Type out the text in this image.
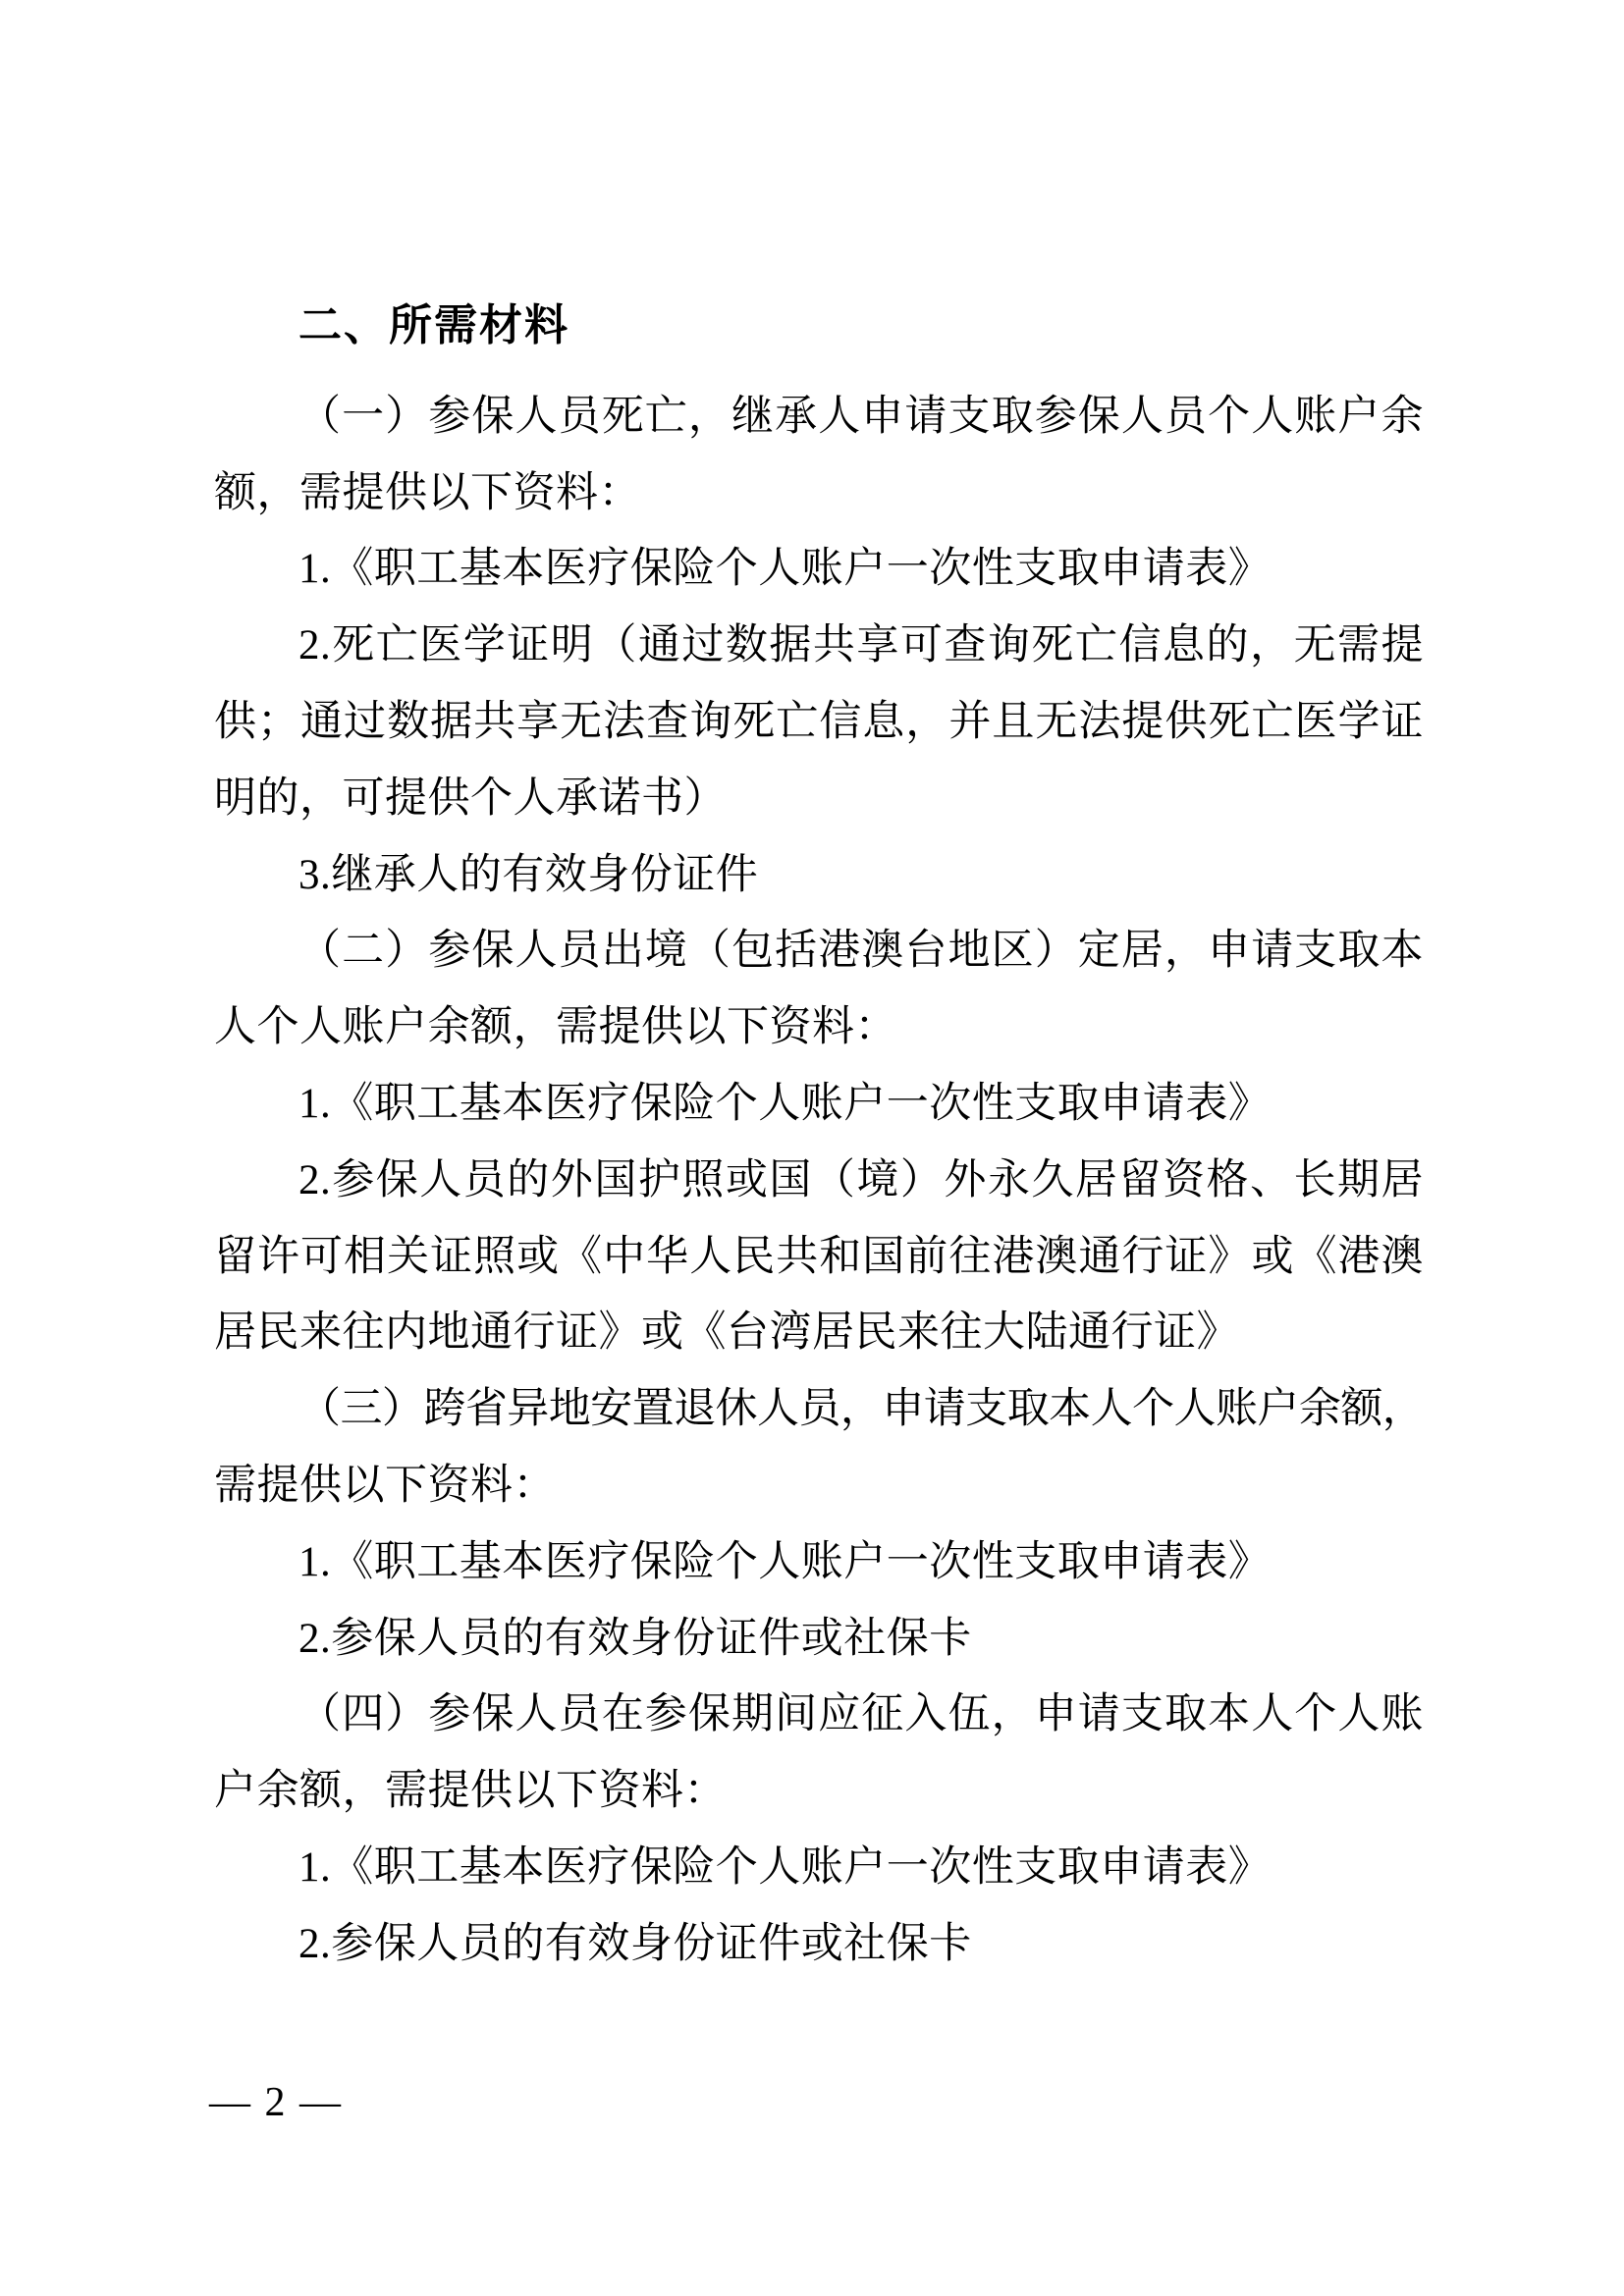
二、所需材料
（一）参保人员死亡，继承人申请支取参保人员个人账户余
额，需提供以下资料：
1.《职工基本医疗保险个人账户一次性支取申请表》
2.死亡医学证明（通过数据共享可查询死亡信息的，无需提
供；通过数据共享无法查询死亡信息，并且无法提供死亡医学证
明的，可提供个人承诺书）
3.继承人的有效身份证件
（二）参保人员出境（包括港澳台地区）定居，申请支取本
人个人账户余额，需提供以下资料：
1.《职工基本医疗保险个人账户一次性支取申请表》
2.参保人员的外国护照或国（境）外永久居留资格、长期居
留许可相关证照或《中华人民共和国前往港澳通行证》或《港澳
居民来往内地通行证》或《台湾居民来往大陆通行证》
（三）跨省异地安置退休人员，申请支取本人个人账户余额，
需提供以下资料：
1.《职工基本医疗保险个人账户一次性支取申请表》
2.参保人员的有效身份证件或社保卡
（四）参保人员在参保期间应征入伍，申请支取本人个人账
户余额，需提供以下资料：
1.《职工基本医疗保险个人账户一次性支取申请表》
2.参保人员的有效身份证件或社保卡
— 2 —
